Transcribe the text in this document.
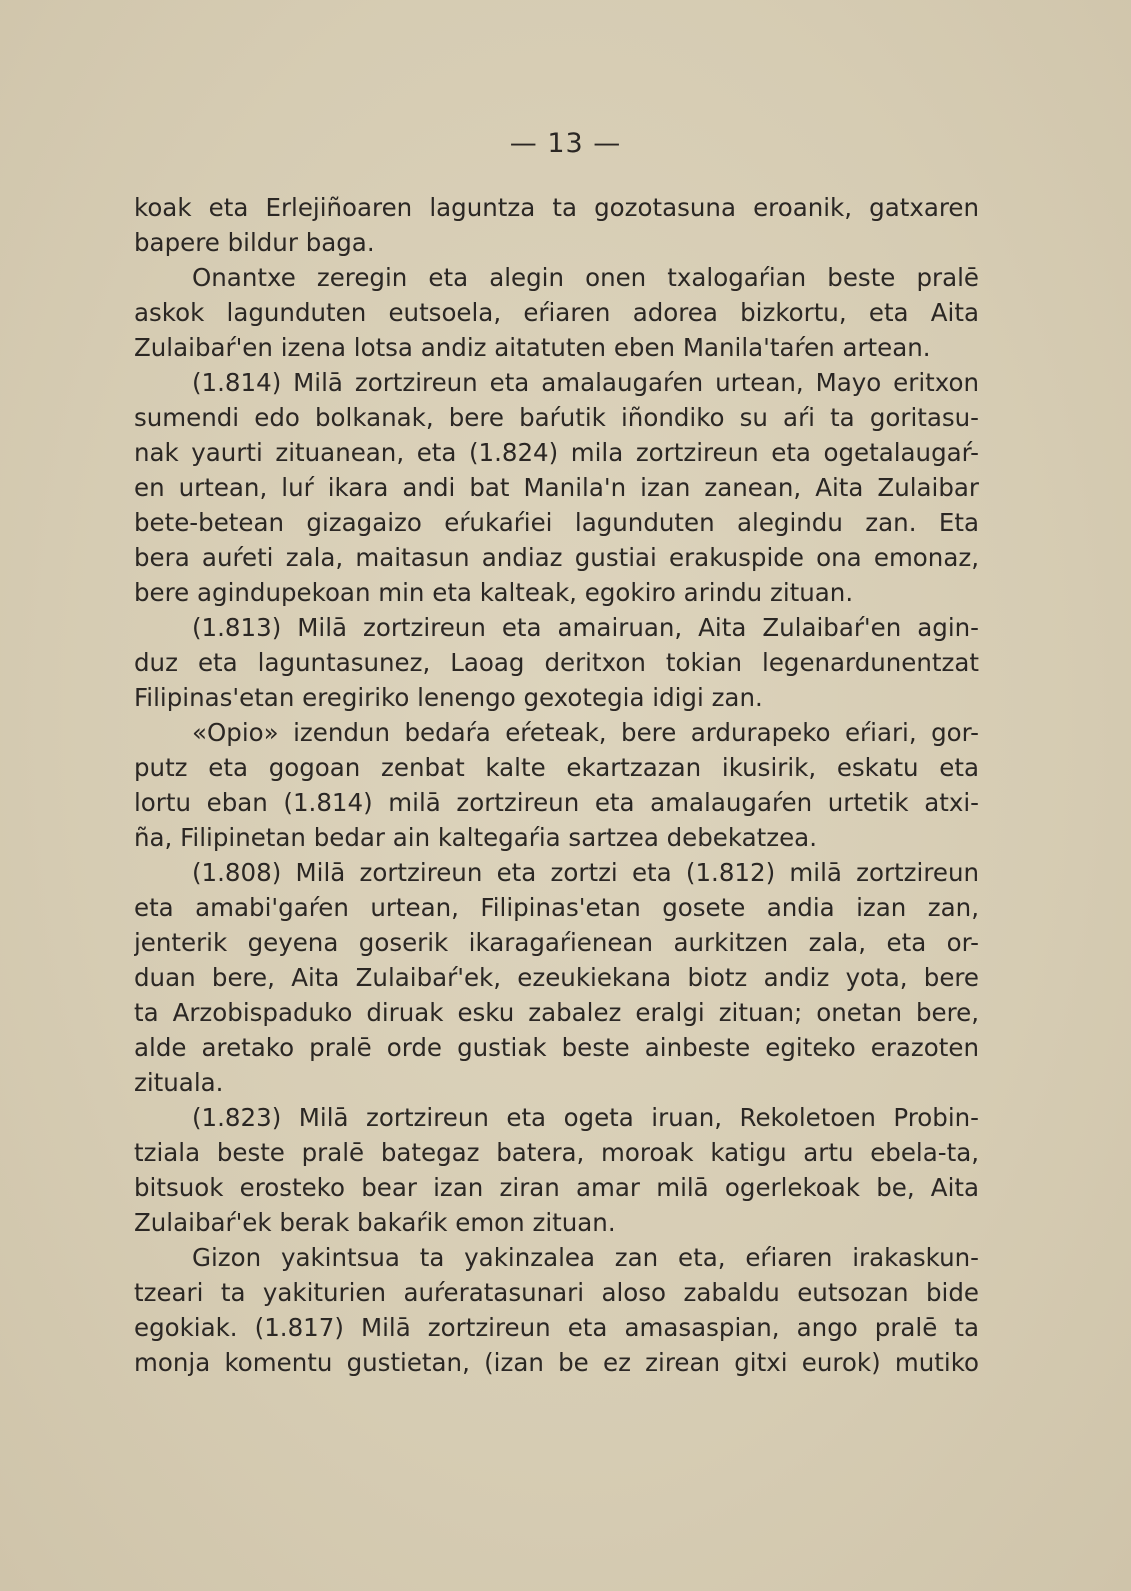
— 13 —
koak eta Erlejiñoaren laguntza ta gozotasuna eroanik, gatxaren
bapere bildur baga.
Onantxe zeregin eta alegin onen txalogaŕian beste pralē
askok lagunduten eutsoela, eŕiaren adorea bizkortu, eta Aita
Zulaibaŕ'en izena lotsa andiz aitatuten eben Manila'taŕen artean.
(1.814) Milā zortzireun eta amalaugaŕen urtean, Mayo eritxon
sumendi edo bolkanak, bere baŕutik iñondiko su aŕi ta goritasu-
nak yaurti zituanean, eta (1.824) mila zortzireun eta ogetalaugaŕ-
en urtean, luŕ ikara andi bat Manila'n izan zanean, Aita Zulaibar
bete-betean gizagaizo eŕukaŕiei lagunduten alegindu zan. Eta
bera auŕeti zala, maitasun andiaz gustiai erakuspide ona emonaz,
bere agindupekoan min eta kalteak, egokiro arindu zituan.
(1.813) Milā zortzireun eta amairuan, Aita Zulaibaŕ'en agin-
duz eta laguntasunez, Laoag deritxon tokian legenardunentzat
Filipinas'etan eregiriko lenengo gexotegia idigi zan.
«Opio» izendun bedaŕa eŕeteak, bere ardurapeko eŕiari, gor-
putz eta gogoan zenbat kalte ekartzazan ikusirik, eskatu eta
lortu eban (1.814) milā zortzireun eta amalaugaŕen urtetik atxi-
ña, Filipinetan bedar ain kaltegaŕia sartzea debekatzea.
(1.808) Milā zortzireun eta zortzi eta (1.812) milā zortzireun
eta amabi'gaŕen urtean, Filipinas'etan gosete andia izan zan,
jenterik geyena goserik ikaragaŕienean aurkitzen zala, eta or-
duan bere, Aita Zulaibaŕ'ek, ezeukiekana biotz andiz yota, bere
ta Arzobispaduko diruak esku zabalez eralgi zituan; onetan bere,
alde aretako pralē orde gustiak beste ainbeste egiteko erazoten
zituala.
(1.823) Milā zortzireun eta ogeta iruan, Rekoletoen Probin-
tziala beste pralē bategaz batera, moroak katigu artu ebela-ta,
bitsuok erosteko bear izan ziran amar milā ogerlekoak be, Aita
Zulaibaŕ'ek berak bakaŕik emon zituan.
Gizon yakintsua ta yakinzalea zan eta, eŕiaren irakaskun-
tzeari ta yakiturien auŕeratasunari aloso zabaldu eutsozan bide
egokiak. (1.817) Milā zortzireun eta amasaspian, ango pralē ta
monja komentu gustietan, (izan be ez zirean gitxi eurok) mutiko
